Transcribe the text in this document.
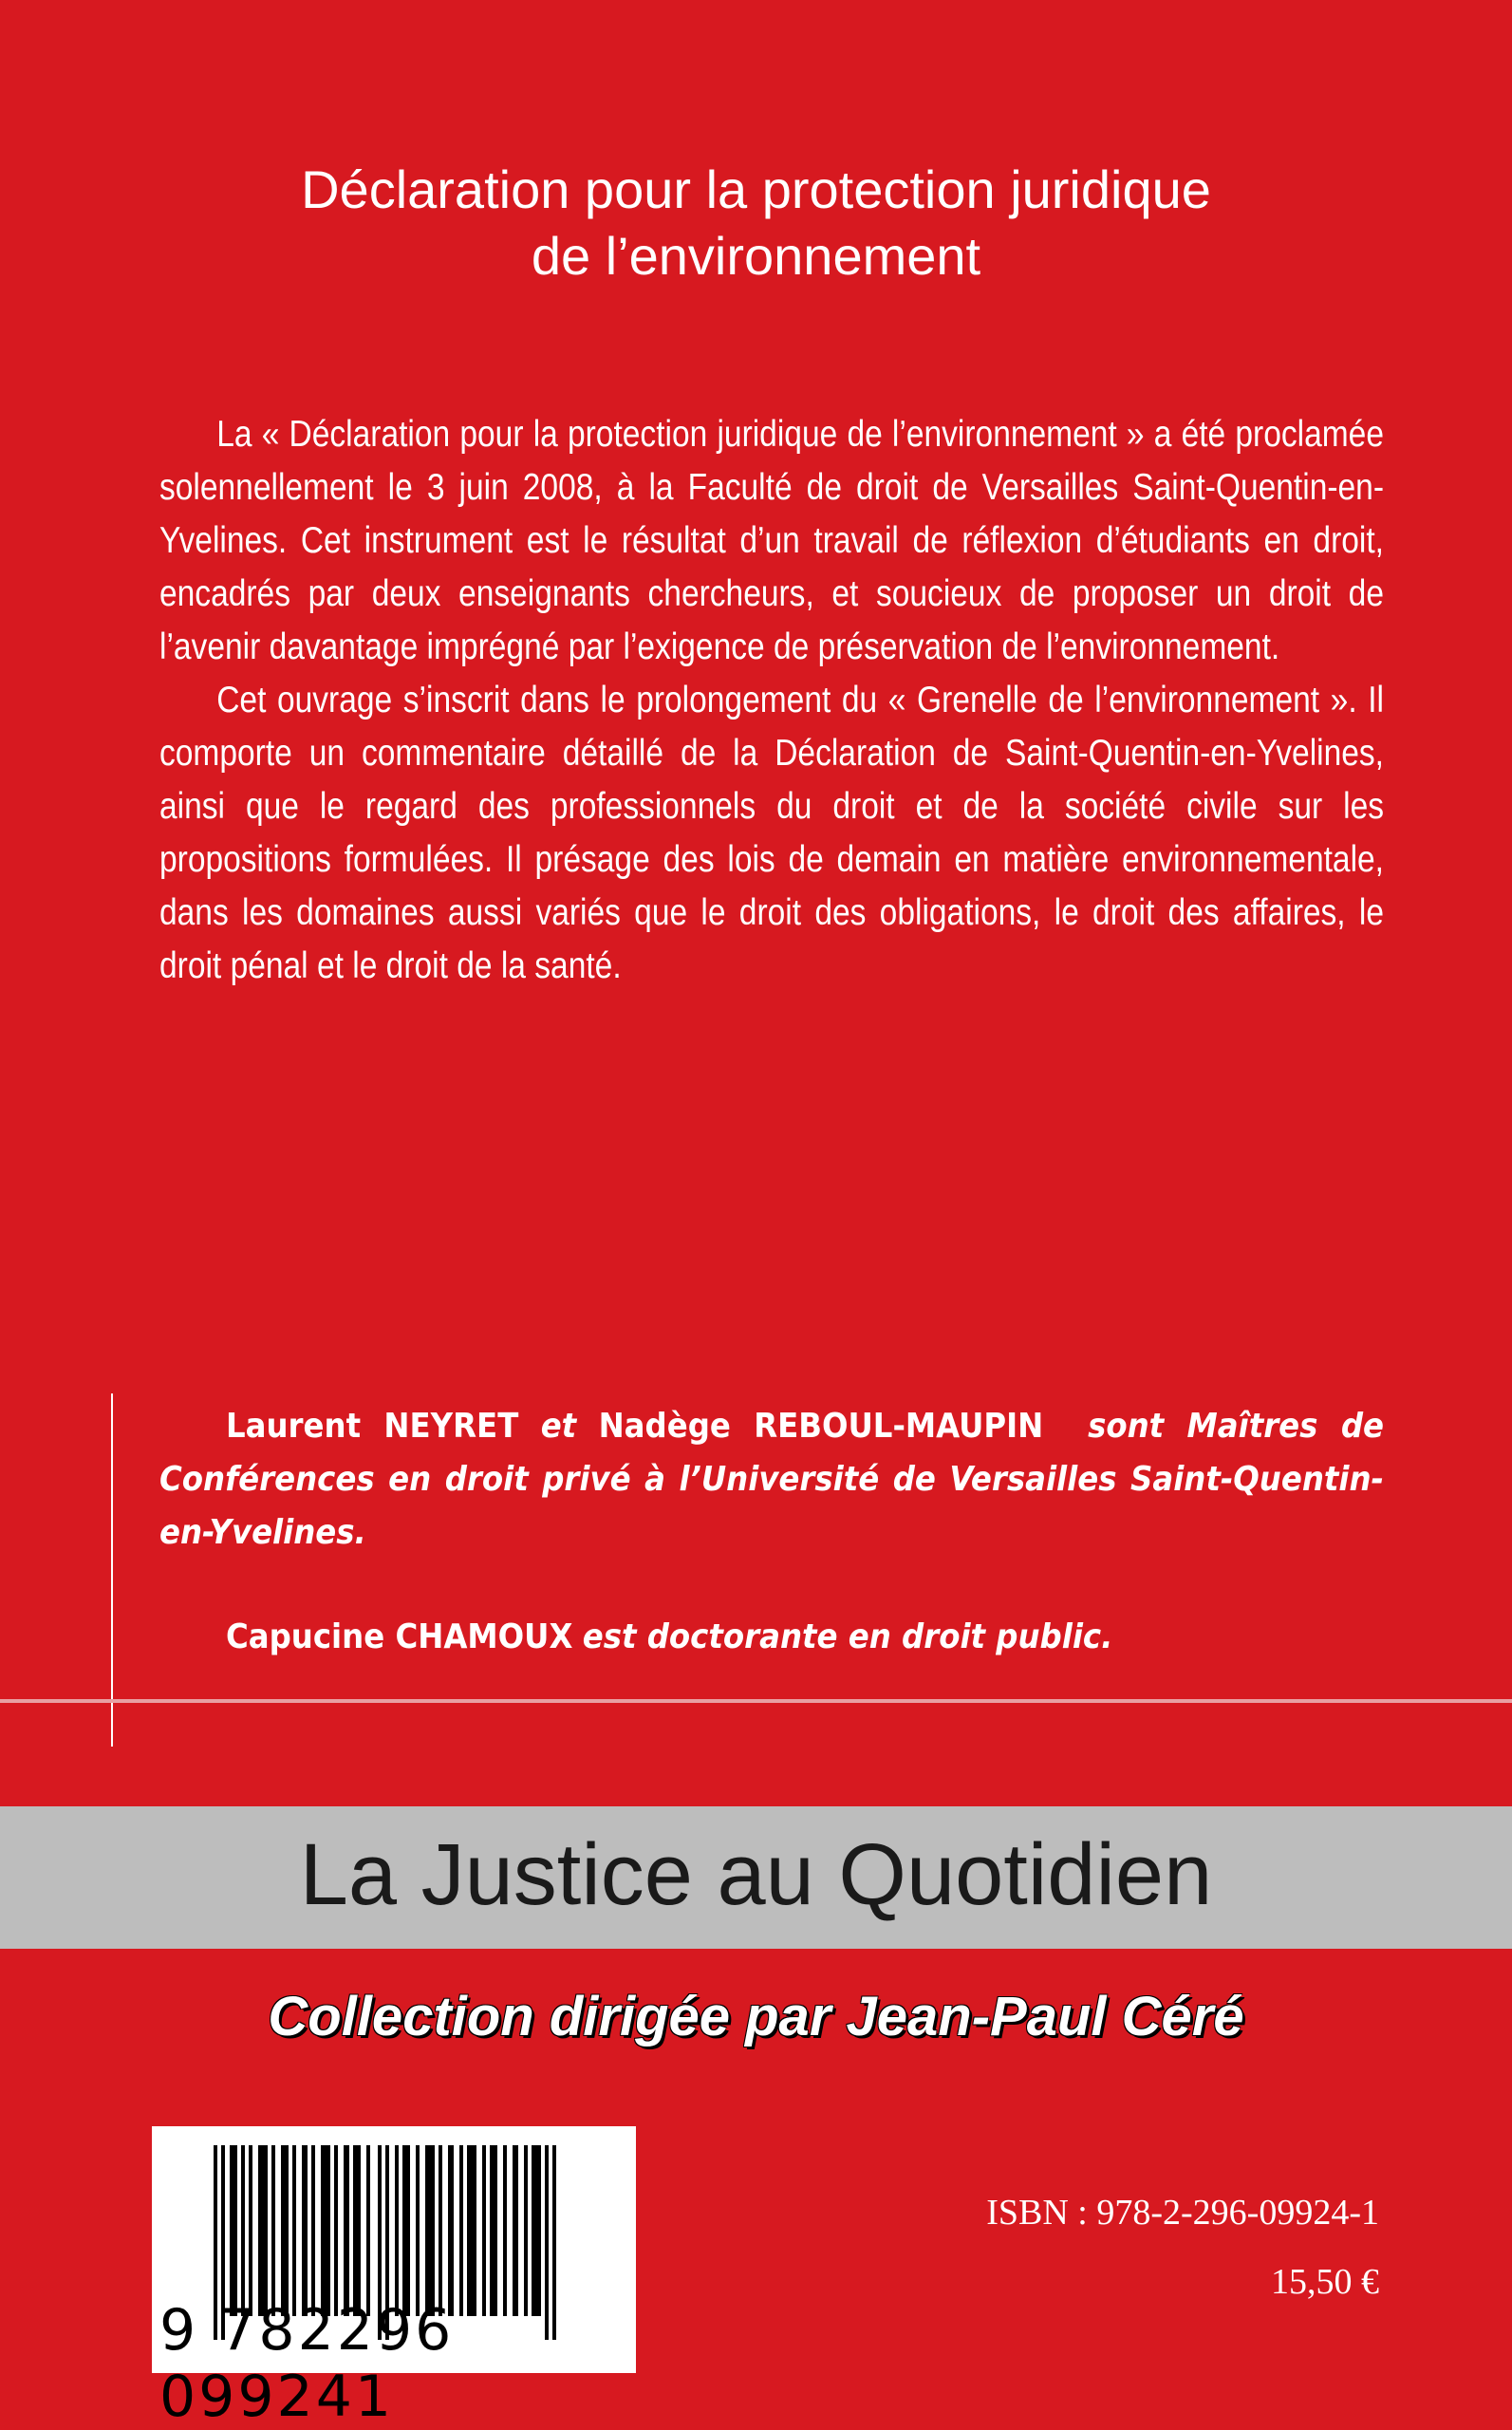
Déclaration pour la protection juridique
de l’environnement

La « Déclaration pour la protection juridique de l’environnement » a été proclamée solennellement le 3 juin 2008, à la Faculté de droit de Versailles Saint-Quentin-en-Yvelines. Cet instrument est le résultat d’un travail de réflexion d’étudiants en droit, encadrés par deux enseignants chercheurs, et soucieux de proposer un droit de l’avenir davantage imprégné par l’exigence de préservation de l’environnement.

Cet ouvrage s’inscrit dans le prolongement du « Grenelle de l’environnement ». Il comporte un commentaire détaillé de la Déclaration de Saint-Quentin-en-Yvelines, ainsi que le regard des professionnels du droit et de la société civile sur les propositions formulées. Il présage des lois de demain en matière environnementale, dans les domaines aussi variés que le droit des obligations, le droit des affaires, le droit pénal et le droit de la santé.

Laurent NEYRET et Nadège REBOUL-MAUPIN sont Maîtres de Conférences en droit privé à l’Université de Versailles Saint-Quentin-en-Yvelines.

Capucine CHAMOUX est doctorante en droit public.

La Justice au Quotidien
Collection dirigée par Jean-Paul Céré
9 782296 099241
ISBN : 978-2-296-09924-1
15,50 €
